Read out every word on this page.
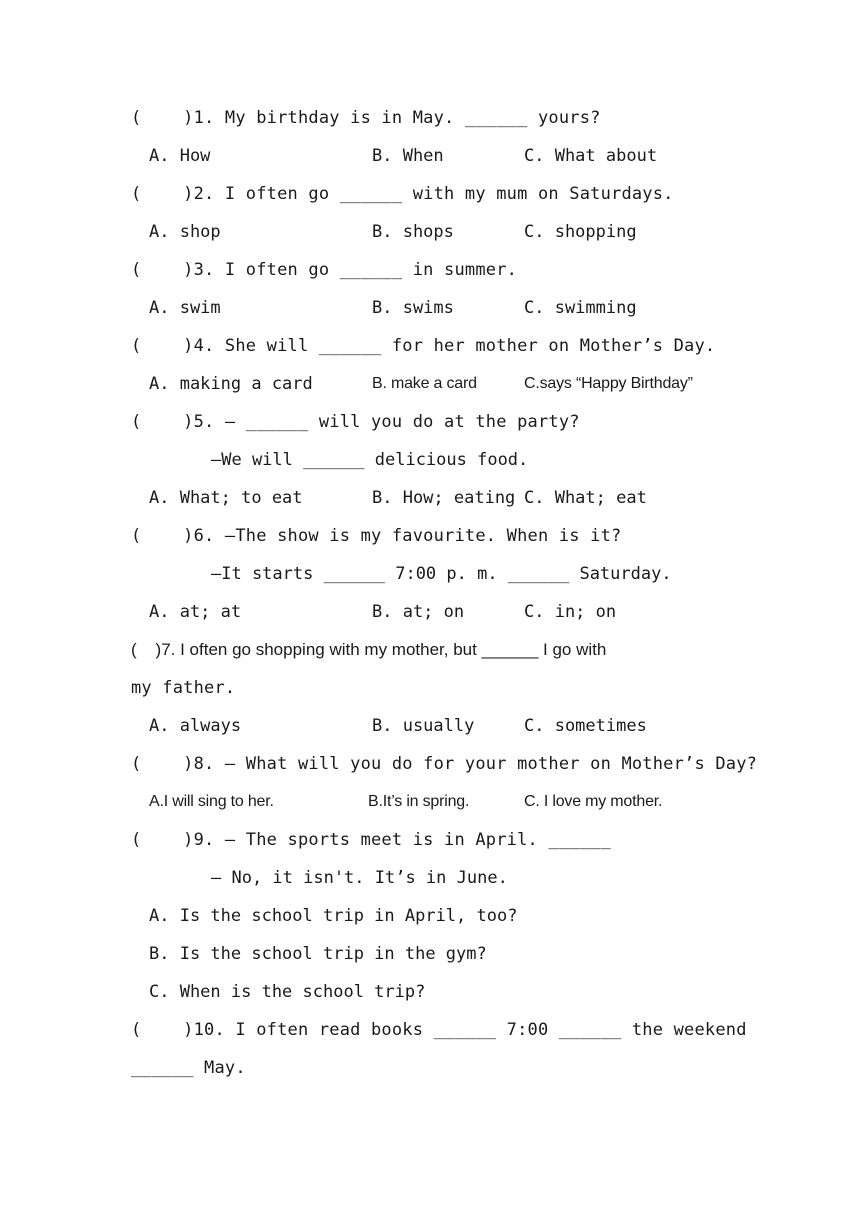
(    )1. My birthday is in May. ______ yours?
A. How	B. When	C. What about
(    )2. I often go ______ with my mum on Saturdays.
A. shop	B. shops	C. shopping
(    )3. I often go ______ in summer.
A. swim	B. swims	C. swimming
(    )4. She will ______ for her mother on Mother’s Day.
A. making a card	B. make a card	C.says “Happy Birthday”
(    )5. — ______ will you do at the party?
—We will ______ delicious food.
A. What; to eat	B. How; eating C. What; eat
(    )6. —The show is my favourite. When is it?
—It starts ______ 7:00 p. m. ______ Saturday.
A. at; at	B. at; on	C. in; on
(    )7. I often go shopping with my mother, but ______ I go with
my father.
A. always	B. usually	C. sometimes
(    )8. — What will you do for your mother on Mother’s Day?
A.I will sing to her.	B.It’s in spring.	C. I love my mother.
(    )9. — The sports meet is in April. ______
— No, it isn't. It’s in June.
A. Is the school trip in April, too?
B. Is the school trip in the gym?
C. When is the school trip?
(    )10. I often read books ______ 7:00 ______ the weekend
______ May.
